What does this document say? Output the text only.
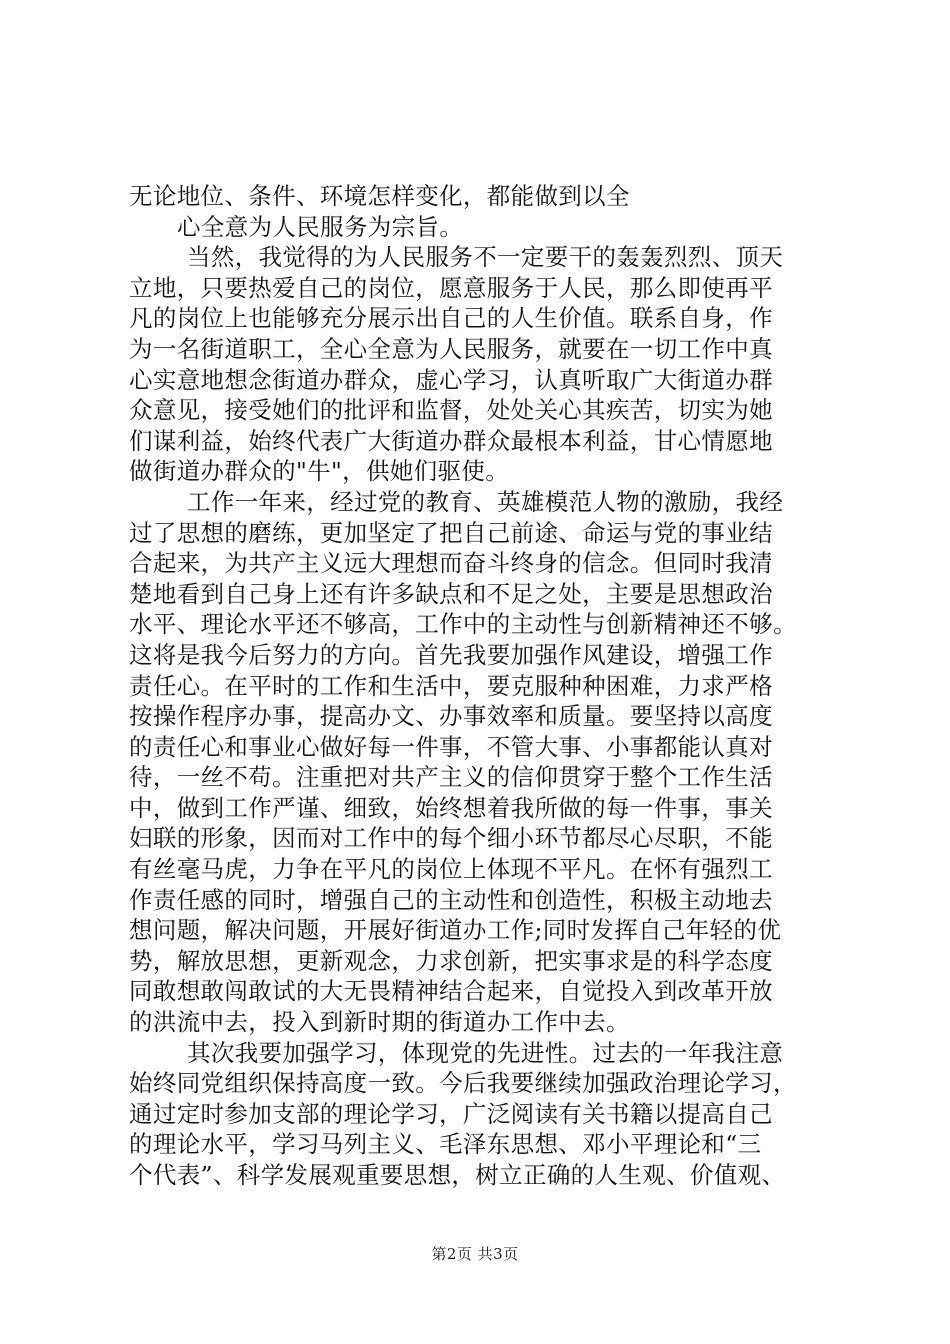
无论地位、条件、环境怎样变化，都能做到以全
心全意为人民服务为宗旨。
当然，我觉得的为人民服务不一定要干的轰轰烈烈、顶天
立地，只要热爱自己的岗位，愿意服务于人民，那么即使再平
凡的岗位上也能够充分展示出自己的人生价值。联系自身，作
为一名街道职工，全心全意为人民服务，就要在一切工作中真
心实意地想念街道办群众，虚心学习，认真听取广大街道办群
众意见，接受她们的批评和监督，处处关心其疾苦，切实为她
们谋利益，始终代表广大街道办群众最根本利益，甘心情愿地
做街道办群众的"牛"，供她们驱使。
工作一年来，经过党的教育、英雄模范人物的激励，我经
过了思想的磨练，更加坚定了把自己前途、命运与党的事业结
合起来，为共产主义远大理想而奋斗终身的信念。但同时我清
楚地看到自己身上还有许多缺点和不足之处，主要是思想政治
水平、理论水平还不够高，工作中的主动性与创新精神还不够。
这将是我今后努力的方向。首先我要加强作风建设，增强工作
责任心。在平时的工作和生活中，要克服种种困难，力求严格
按操作程序办事，提高办文、办事效率和质量。要坚持以高度
的责任心和事业心做好每一件事，不管大事、小事都能认真对
待，一丝不苟。注重把对共产主义的信仰贯穿于整个工作生活
中，做到工作严谨、细致，始终想着我所做的每一件事，事关
妇联的形象，因而对工作中的每个细小环节都尽心尽职，不能
有丝毫马虎，力争在平凡的岗位上体现不平凡。在怀有强烈工
作责任感的同时，增强自己的主动性和创造性，积极主动地去
想问题，解决问题，开展好街道办工作;同时发挥自己年轻的优
势，解放思想，更新观念，力求创新，把实事求是的科学态度
同敢想敢闯敢试的大无畏精神结合起来，自觉投入到改革开放
的洪流中去，投入到新时期的街道办工作中去。
其次我要加强学习，体现党的先进性。过去的一年我注意
始终同党组织保持高度一致。今后我要继续加强政治理论学习，
通过定时参加支部的理论学习，广泛阅读有关书籍以提高自己
的理论水平，学习马列主义、毛泽东思想、邓小平理论和“三
个代表”、科学发展观重要思想，树立正确的人生观、价值观、
第2页 共3页
